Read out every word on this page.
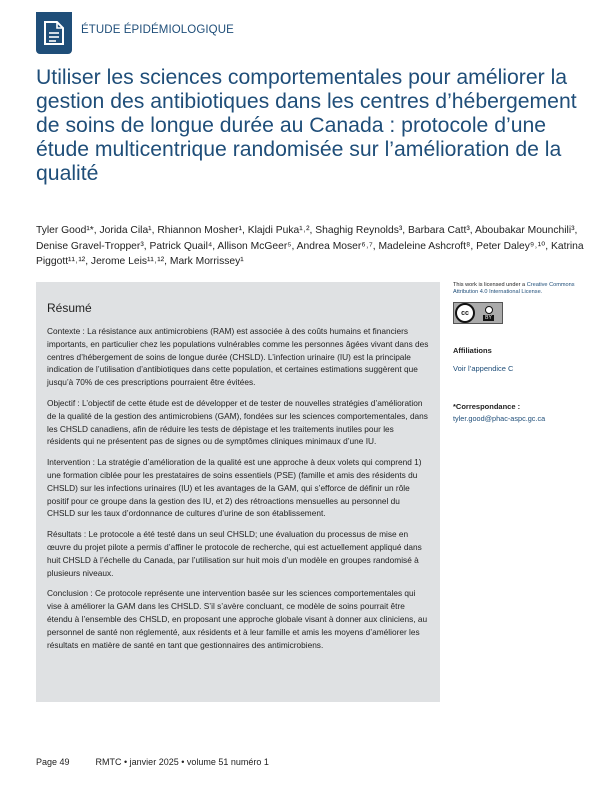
ÉTUDE ÉPIDÉMIOLOGIQUE
Utiliser les sciences comportementales pour améliorer la gestion des antibiotiques dans les centres d’hébergement de soins de longue durée au Canada : protocole d’une étude multicentrique randomisée sur l’amélioration de la qualité
Tyler Good¹*, Jorida Cila¹, Rhiannon Mosher¹, Klajdi Puka¹˒², Shaghig Reynolds³, Barbara Catt³, Aboubakar Mounchili³, Denise Gravel-Tropper³, Patrick Quail⁴, Allison McGeer⁵, Andrea Moser⁶˒⁷, Madeleine Ashcroft⁸, Peter Daley⁹˒¹⁰, Katrina Piggott¹¹˒¹², Jerome Leis¹¹˒¹², Mark Morrissey¹
Résumé

Contexte : La résistance aux antimicrobiens (RAM) est associée à des coûts humains et financiers importants, en particulier chez les populations vulnérables comme les personnes âgées vivant dans des centres d’hébergement de soins de longue durée (CHSLD). L’infection urinaire (IU) est la principale indication de l’utilisation d’antibiotiques dans cette population, et certaines estimations suggèrent que jusqu’à 70% de ces prescriptions pourraient être évitées.

Objectif : L’objectif de cette étude est de développer et de tester de nouvelles stratégies d’amélioration de la qualité de la gestion des antimicrobiens (GAM), fondées sur les sciences comportementales, dans les CHSLD canadiens, afin de réduire les tests de dépistage et les traitements inutiles pour les résidents qui ne présentent pas de signes ou de symptômes cliniques minimaux d’une IU.

Intervention : La stratégie d’amélioration de la qualité est une approche à deux volets qui comprend 1) une formation ciblée pour les prestataires de soins essentiels (PSE) (famille et amis des résidents du CHSLD) sur les infections urinaires (IU) et les avantages de la GAM, qui s’efforce de définir un rôle positif pour ce groupe dans la gestion des IU, et 2) des rétroactions mensuelles au personnel du CHSLD sur les taux d’ordonnance de cultures d’urine de son établissement.

Résultats : Le protocole a été testé dans un seul CHSLD; une évaluation du processus de mise en œuvre du projet pilote a permis d’affiner le protocole de recherche, qui est actuellement appliqué dans huit CHSLD à l’échelle du Canada, par l’utilisation sur huit mois d’un modèle en groupes randomisé à plusieurs niveaux.

Conclusion : Ce protocole représente une intervention basée sur les sciences comportementales qui vise à améliorer la GAM dans les CHSLD. S’il s’avère concluant, ce modèle de soins pourrait être étendu à l’ensemble des CHSLD, en proposant une approche globale visant à donner aux cliniciens, au personnel de santé non réglementé, aux résidents et à leur famille et amis les moyens d’améliorer les résultats en matière de santé en tant que gestionnaires des antimicrobiens.

This work is licensed under a Creative Commons Attribution 4.0 International License.
cc
BY
Affiliations
Voir l’appendice C
*Correspondance :
tyler.good@phac-aspc.gc.ca
Page 49	RMTC • janvier 2025 • volume 51 numéro 1
